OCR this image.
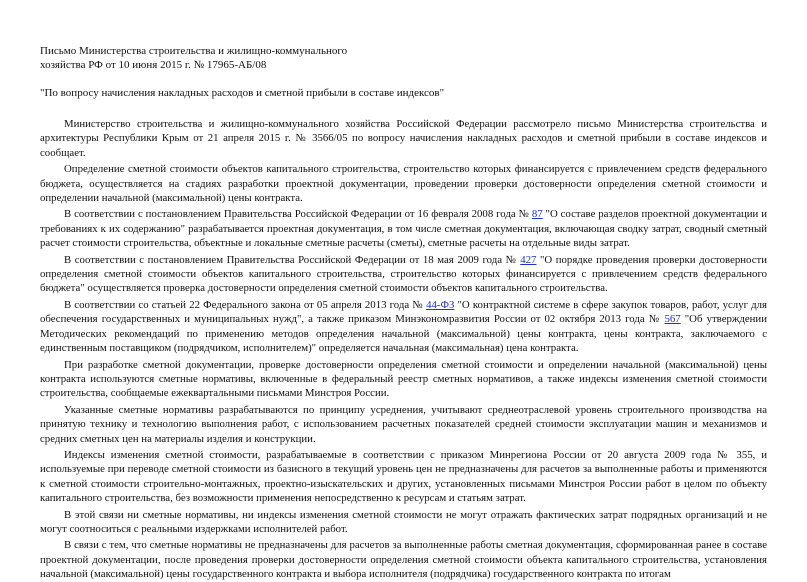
Письмо Министерства строительства и жилищно-коммунального
хозяйства РФ от 10 июня 2015 г. № 17965-АБ/08
"По вопросу начисления накладных расходов и сметной прибыли в составе индексов"

Министерство строительства и жилищно-коммунального хозяйства Российской Федерации рассмотрело письмо Министерства строительства и архитектуры Республики Крым от 21 апреля 2015 г. № 3566/05 по вопросу начисления накладных расходов и сметной прибыли в составе индексов и сообщает.

Определение сметной стоимости объектов капитального строительства, строительство которых финансируется с привлечением средств федерального бюджета, осуществляется на стадиях разработки проектной документации, проведении проверки достоверности определения сметной стоимости и определении начальной (максимальной) цены контракта.

В соответствии с постановлением Правительства Российской Федерации от 16 февраля 2008 года № 87 "О составе разделов проектной документации и требованиях к их содержанию" разрабатывается проектная документация, в том числе сметная документация, включающая сводку затрат, сводный сметный расчет стоимости строительства, объектные и локальные сметные расчеты (сметы), сметные расчеты на отдельные виды затрат.

В соответствии с постановлением Правительства Российской Федерации от 18 мая 2009 года № 427 "О порядке проведения проверки достоверности определения сметной стоимости объектов капитального строительства, строительство которых финансируется с привлечением средств федерального бюджета" осуществляется проверка достоверности определения сметной стоимости объектов капитального строительства.

В соответствии со статьей 22 Федерального закона от 05 апреля 2013 года № 44-ФЗ "О контрактной системе в сфере закупок товаров, работ, услуг для обеспечения государственных и муниципальных нужд", а также приказом Минэкономразвития России от 02 октября 2013 года № 567 "Об утверждении Методических рекомендаций по применению методов определения начальной (максимальной) цены контракта, цены контракта, заключаемого с единственным поставщиком (подрядчиком, исполнителем)" определяется начальная (максимальная) цена контракта.

При разработке сметной документации, проверке достоверности определения сметной стоимости и определении начальной (максимальной) цены контракта используются сметные нормативы, включенные в федеральный реестр сметных нормативов, а также индексы изменения сметной стоимости строительства, сообщаемые ежеквартальными письмами Минстроя России.

Указанные сметные нормативы разрабатываются по принципу усреднения, учитывают среднеотраслевой уровень строительного производства на принятую технику и технологию выполнения работ, с использованием расчетных показателей средней стоимости эксплуатации машин и механизмов и средних сметных цен на материалы изделия и конструкции.

Индексы изменения сметной стоимости, разрабатываемые в соответствии с приказом Минрегиона России от 20 августа 2009 года № 355, и используемые при переводе сметной стоимости из базисного в текущий уровень цен не предназначены для расчетов за выполненные работы и применяются к сметной стоимости строительно-монтажных, проектно-изыскательских и других, установленных письмами Минстроя России работ в целом по объекту капитального строительства, без возможности применения непосредственно к ресурсам и статьям затрат.

В этой связи ни сметные нормативы, ни индексы изменения сметной стоимости не могут отражать фактических затрат подрядных организаций и не могут соотноситься с реальными издержками исполнителей работ.

В связи с тем, что сметные нормативы не предназначены для расчетов за выполненные работы сметная документация, сформированная ранее в составе проектной документации, после проведения проверки достоверности определения сметной стоимости объекта капитального строительства, установления начальной (максимальной) цены государственного контракта и выбора исполнителя (подрядчика) государственного контракта по итогам
